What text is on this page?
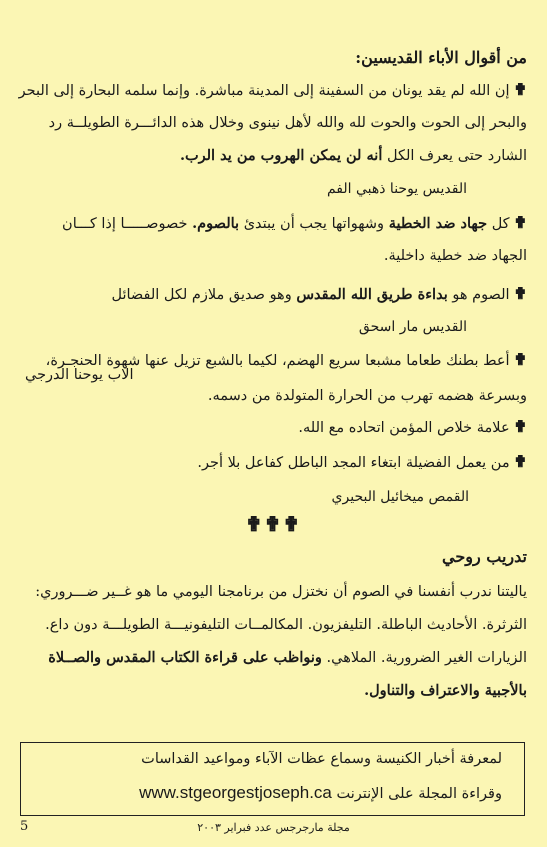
من أقوال الأباء القديسين:
✟إن الله لم يقد يونان من السفينة إلى المدينة مباشرة. وإنما سلمه البحارة إلى البحر
والبحر إلى الحوت والحوت لله والله لأهل نينوى وخلال هذه الدائـــرة الطويلــة رد
الشارد حتى يعرف الكل أنه لن يمكن الهروب من يد الرب.
القديس يوحنا ذهبي الفم
✟كل جهاد ضد الخطية وشهواتها يجب أن يبتدئ بالصوم. خصوصـــــا إذا كـــان
الجهاد ضد خطية داخلية.
✟الصوم هو بداءة طريق الله المقدس وهو صديق ملازم لكل الفضائل
القديس مار اسحق
✟أعط بطنك طعاما مشبعا سريع الهضم، لكيما بالشبع تزيل عنها شهوة الحنجـرة،
الاب يوحنا الدرجي
وبسرعة هضمه تهرب من الحرارة المتولدة من دسمه.
✟علامة خلاص المؤمن اتحاده مع الله.
✟من يعمل الفضيلة ابتغاء المجد الباطل كفاعل بلا أجر.
القمص ميخائيل البحيري
✟✟✟
تدريب روحي
ياليتنا ندرب أنفسنا في الصوم أن نختزل من برنامجنا اليومي ما هو غــير ضـــروري:
الثرثرة. الأحاديث الباطلة. التليفزيون. المكالمــات التليفونيـــة الطويلـــة دون داع.
الزيارات الغير الضرورية. الملاهي. ونواظب على قراءة الكتاب المقدس والصــلاة
بالأجبية والاعتراف والتناول.
لمعرفة أخبار الكنيسة وسماع عظات الآباء ومواعيد القداسات
وقراءة المجلة على الإنترنت www.stgeorgestjoseph.ca
5	مجلة مارجرجس عدد فبراير ٢٠٠٣
